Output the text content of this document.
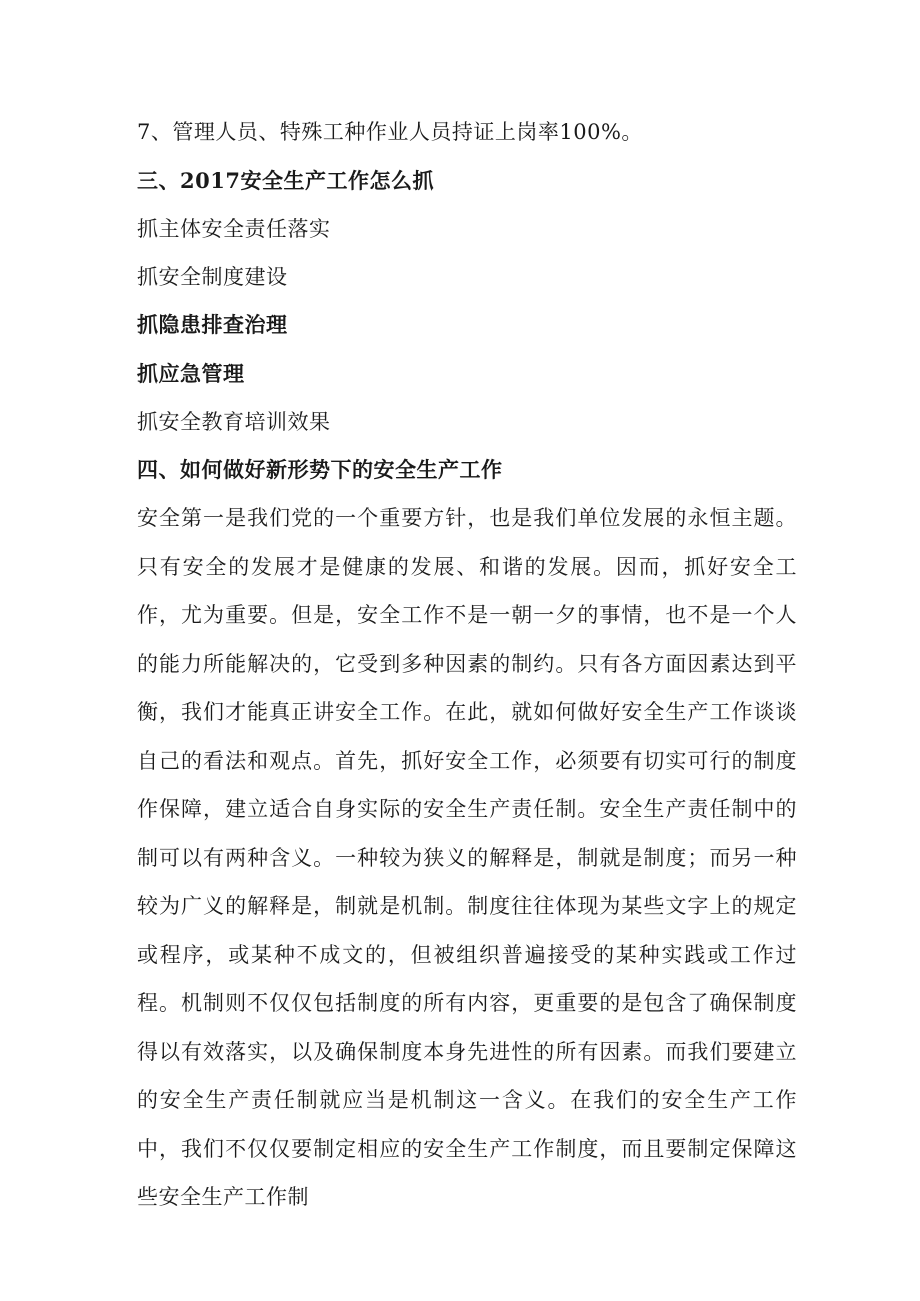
7、管理人员、特殊工种作业人员持证上岗率100%。
三、2017安全生产工作怎么抓
抓主体安全责任落实
抓安全制度建设
抓隐患排查治理
抓应急管理
抓安全教育培训效果
四、如何做好新形势下的安全生产工作

安全第一是我们党的一个重要方针，也是我们单位发展的永恒主题。只有安全的发展才是健康的发展、和谐的发展。因而，抓好安全工作，尤为重要。但是，安全工作不是一朝一夕的事情，也不是一个人的能力所能解决的，它受到多种因素的制约。只有各方面因素达到平衡，我们才能真正讲安全工作。在此，就如何做好安全生产工作谈谈自己的看法和观点。首先，抓好安全工作，必须要有切实可行的制度作保障，建立适合自身实际的安全生产责任制。安全生产责任制中的制可以有两种含义。一种较为狭义的解释是，制就是制度；而另一种较为广义的解释是，制就是机制。制度往往体现为某些文字上的规定或程序，或某种不成文的，但被组织普遍接受的某种实践或工作过程。机制则不仅仅包括制度的所有内容，更重要的是包含了确保制度得以有效落实，以及确保制度本身先进性的所有因素。而我们要建立的安全生产责任制就应当是机制这一含义。在我们的安全生产工作中，我们不仅仅要制定相应的安全生产工作制度，而且要制定保障这些安全生产工作制
